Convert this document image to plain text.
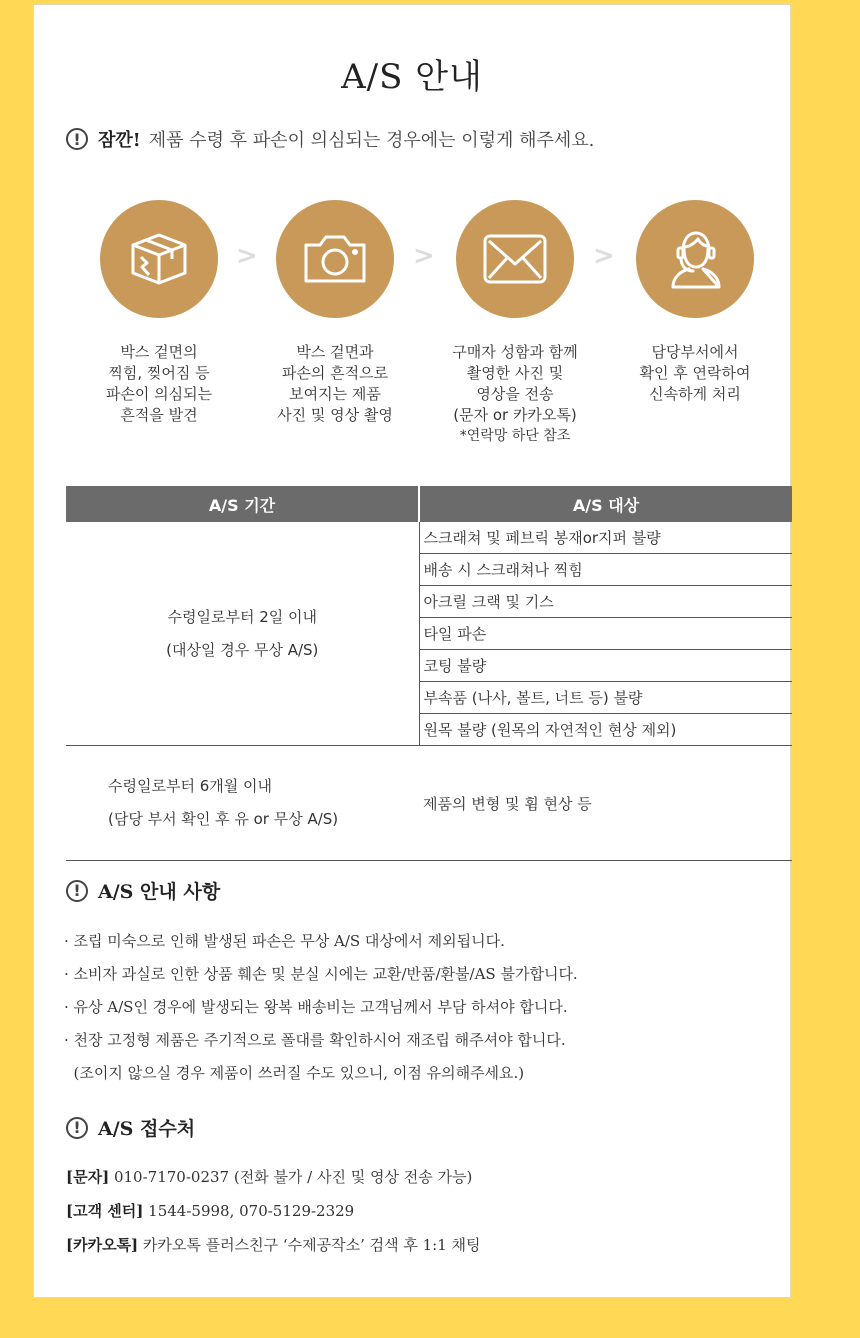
A/S 안내
! 잠깐! 제품 수령 후 파손이 의심되는 경우에는 이렇게 해주세요.
박스 겉면의
찍힘, 찢어짐 등
파손이 의심되는
흔적을 발견
>
박스 겉면과
파손의 흔적으로
보여지는 제품
사진 및 영상 촬영
>
구매자 성함과 함께
촬영한 사진 및
영상을 전송
(문자 or 카카오톡)
*연락망 하단 참조
>
담당부서에서
확인 후 연락하여
신속하게 처리
A/S 기간	A/S 대상

수령일로부터 2일 이내
(대상일 경우 무상 A/S)	스크래쳐 및 페브릭 봉재or지퍼 불량
	배송 시 스크래쳐나 찍힘
	아크릴 크랙 및 기스
	타일 파손
	코팅 불량
	부속품 (나사, 볼트, 너트 등) 불량
	원목 불량 (원목의 자연적인 현상 제외)

수령일로부터 6개월 이내
(담당 부서 확인 후 유 or 무상 A/S)	제품의 변형 및 휨 현상 등
! A/S 안내 사항
· 조립 미숙으로 인해 발생된 파손은 무상 A/S 대상에서 제외됩니다.
· 소비자 과실로 인한 상품 훼손 및 분실 시에는 교환/반품/환불/AS 불가합니다.
· 유상 A/S인 경우에 발생되는 왕복 배송비는 고객님께서 부담 하셔야 합니다.
· 천장 고정형 제품은 주기적으로 폴대를 확인하시어 재조립 해주셔야 합니다.
(조이지 않으실 경우 제품이 쓰러질 수도 있으니, 이점 유의해주세요.)
! A/S 접수처
[문자] 010-7170-0237 (전화 불가 / 사진 및 영상 전송 가능)
[고객 센터] 1544-5998, 070-5129-2329
[카카오톡] 카카오톡 플러스친구 ‘수제공작소’ 검색 후 1:1 채팅
